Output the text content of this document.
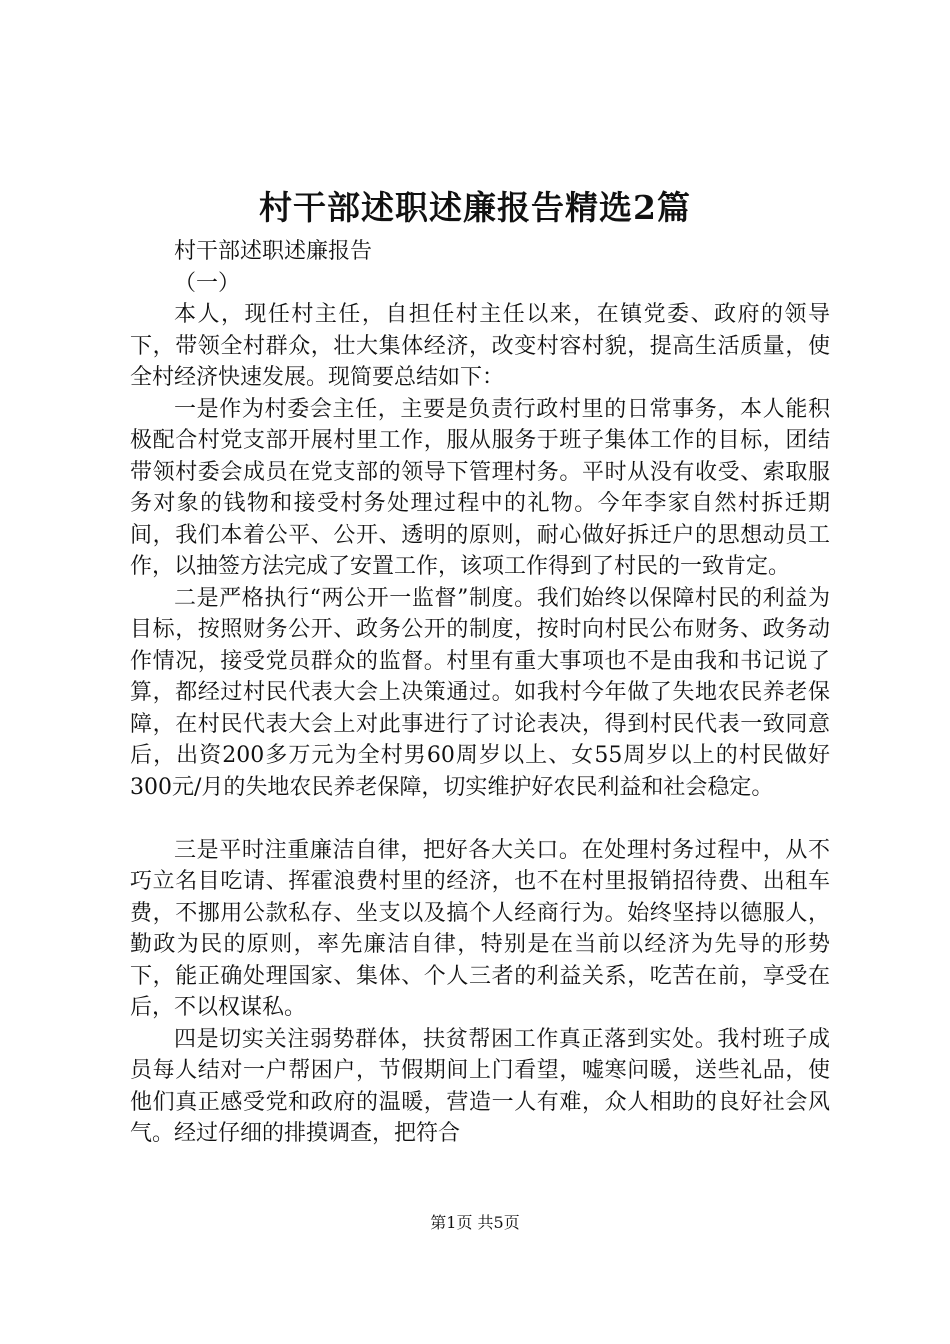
村干部述职述廉报告精选2篇

村干部述职述廉报告

（一）

本人，现任村主任，自担任村主任以来，在镇党委、政府的领导下，带领全村群众，壮大集体经济，改变村容村貌，提高生活质量，使全村经济快速发展。现简要总结如下：

一是作为村委会主任，主要是负责行政村里的日常事务，本人能积极配合村党支部开展村里工作，服从服务于班子集体工作的目标，团结带领村委会成员在党支部的领导下管理村务。平时从没有收受、索取服务对象的钱物和接受村务处理过程中的礼物。今年李家自然村拆迁期间，我们本着公平、公开、透明的原则，耐心做好拆迁户的思想动员工作，以抽签方法完成了安置工作，该项工作得到了村民的一致肯定。

二是严格执行“两公开一监督”制度。我们始终以保障村民的利益为目标，按照财务公开、政务公开的制度，按时向村民公布财务、政务动作情况，接受党员群众的监督。村里有重大事项也不是由我和书记说了算，都经过村民代表大会上决策通过。如我村今年做了失地农民养老保障，在村民代表大会上对此事进行了讨论表决，得到村民代表一致同意后，出资200多万元为全村男60周岁以上、女55周岁以上的村民做好300元/月的失地农民养老保障，切实维护好农民利益和社会稳定。

三是平时注重廉洁自律，把好各大关口。在处理村务过程中，从不巧立名目吃请、挥霍浪费村里的经济，也不在村里报销招待费、出租车费，不挪用公款私存、坐支以及搞个人经商行为。始终坚持以德服人，勤政为民的原则，率先廉洁自律，特别是在当前以经济为先导的形势下，能正确处理国家、集体、个人三者的利益关系，吃苦在前，享受在后，不以权谋私。

四是切实关注弱势群体，扶贫帮困工作真正落到实处。我村班子成员每人结对一户帮困户，节假期间上门看望，嘘寒问暖，送些礼品，使他们真正感受党和政府的温暖，营造一人有难，众人相助的良好社会风气。经过仔细的排摸调查，把符合

第1页 共5页
